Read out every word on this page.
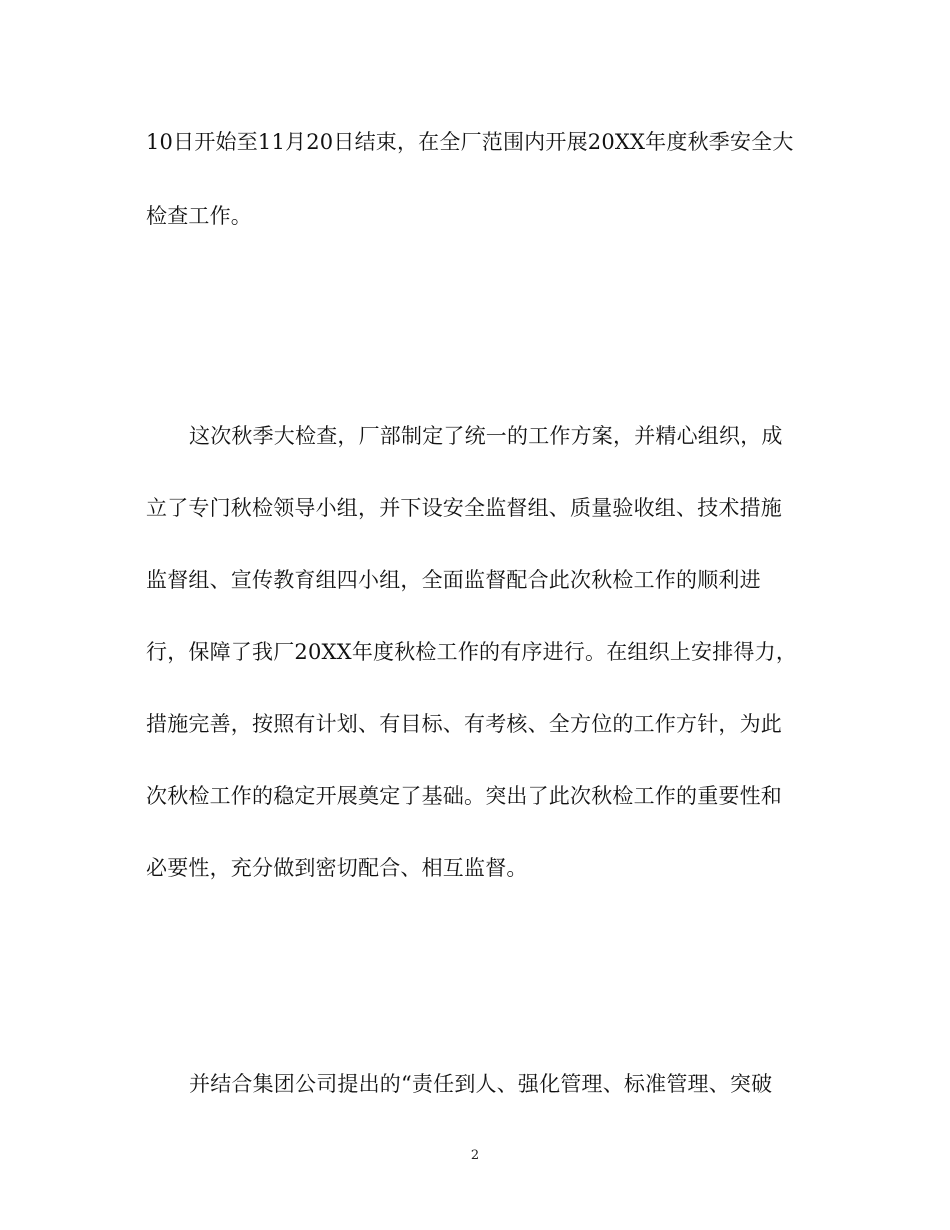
10日开始至11月20日结束，在全厂范围内开展20XX年度秋季安全大
检查工作。
这次秋季大检查，厂部制定了统一的工作方案，并精心组织，成
立了专门秋检领导小组，并下设安全监督组、质量验收组、技术措施
监督组、宣传教育组四小组，全面监督配合此次秋检工作的顺利进
行，保障了我厂20XX年度秋检工作的有序进行。在组织上安排得力，
措施完善，按照有计划、有目标、有考核、全方位的工作方针，为此
次秋检工作的稳定开展奠定了基础。突出了此次秋检工作的重要性和
必要性，充分做到密切配合、相互监督。
并结合集团公司提出的“责任到人、强化管理、标准管理、突破
2
